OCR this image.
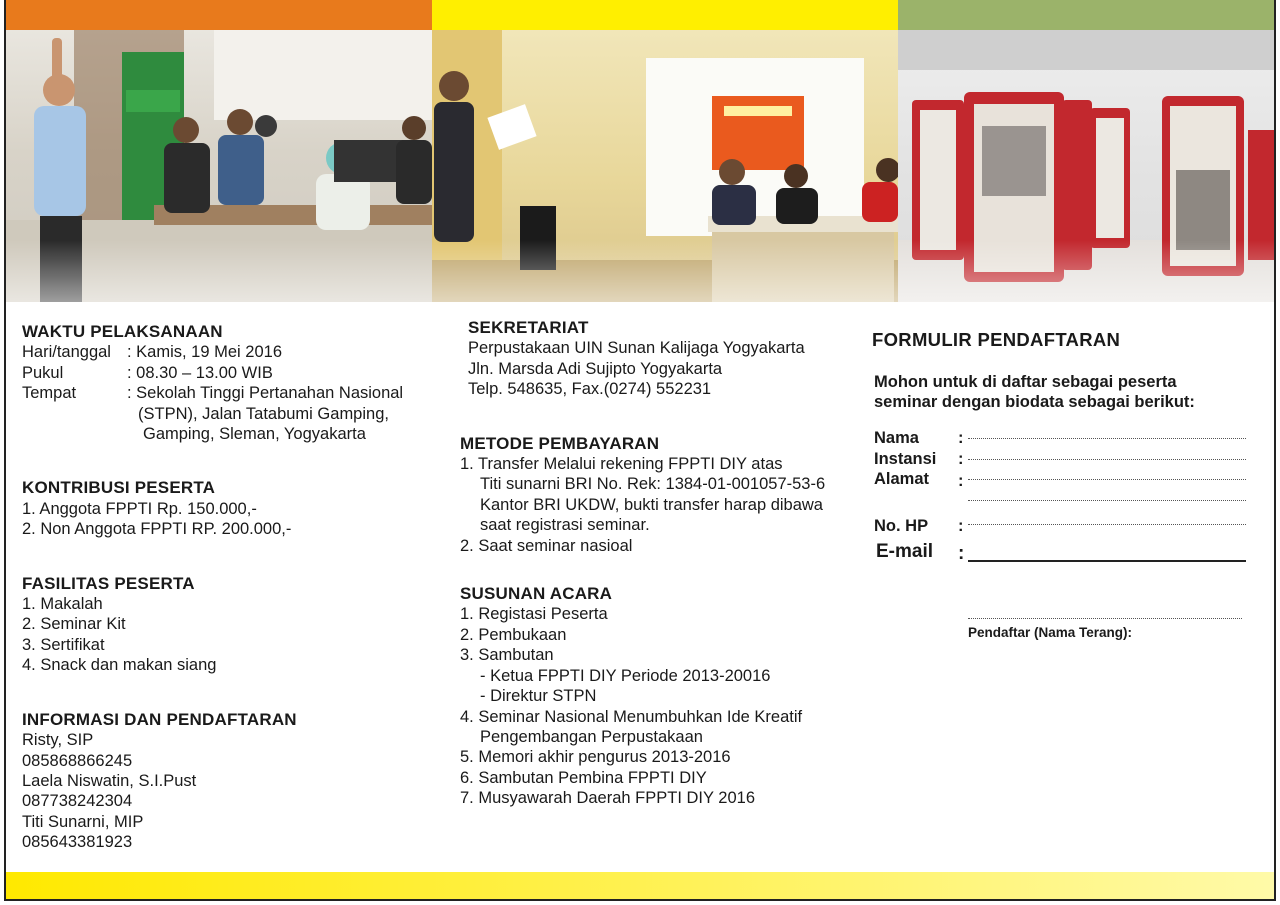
WAKTU PELAKSANAAN
Hari/tanggal : Kamis, 19 Mei 2016
Pukul	: 08.30 – 13.00 WIB
Tempat	: Sekolah Tinggi Pertanahan Nasional
(STPN), Jalan Tatabumi Gamping,
Gamping, Sleman, Yogyakarta
KONTRIBUSI PESERTA
1. Anggota FPPTI Rp. 150.000,-
2. Non Anggota FPPTI RP. 200.000,-
FASILITAS PESERTA
1. Makalah
2. Seminar Kit
3. Sertifikat
4. Snack dan makan siang
INFORMASI DAN PENDAFTARAN
Risty, SIP
085868866245
Laela Niswatin, S.I.Pust
087738242304
Titi Sunarni, MIP
085643381923
SEKRETARIAT
Perpustakaan UIN Sunan Kalijaga Yogyakarta
Jln. Marsda Adi Sujipto Yogyakarta
Telp. 548635, Fax.(0274) 552231
METODE PEMBAYARAN
1. Transfer Melalui rekening FPPTI DIY atas
Titi sunarni BRI No. Rek: 1384-01-001057-53-6
Kantor BRI UKDW, bukti transfer harap dibawa
saat registrasi seminar.
2. Saat seminar nasioal
SUSUNAN ACARA
1. Registasi Peserta
2. Pembukaan
3. Sambutan
- Ketua FPPTI DIY Periode 2013-20016
- Direktur STPN
4. Seminar Nasional Menumbuhkan Ide Kreatif
Pengembangan Perpustakaan
5. Memori akhir pengurus 2013-2016
6. Sambutan Pembina FPPTI DIY
7. Musyawarah Daerah FPPTI DIY 2016
FORMULIR PENDAFTARAN
Mohon untuk di daftar sebagai peserta
seminar dengan biodata sebagai berikut:
Nama :
Instansi :
Alamat :
No. HP :
E-mail :
Pendaftar (Nama Terang):
